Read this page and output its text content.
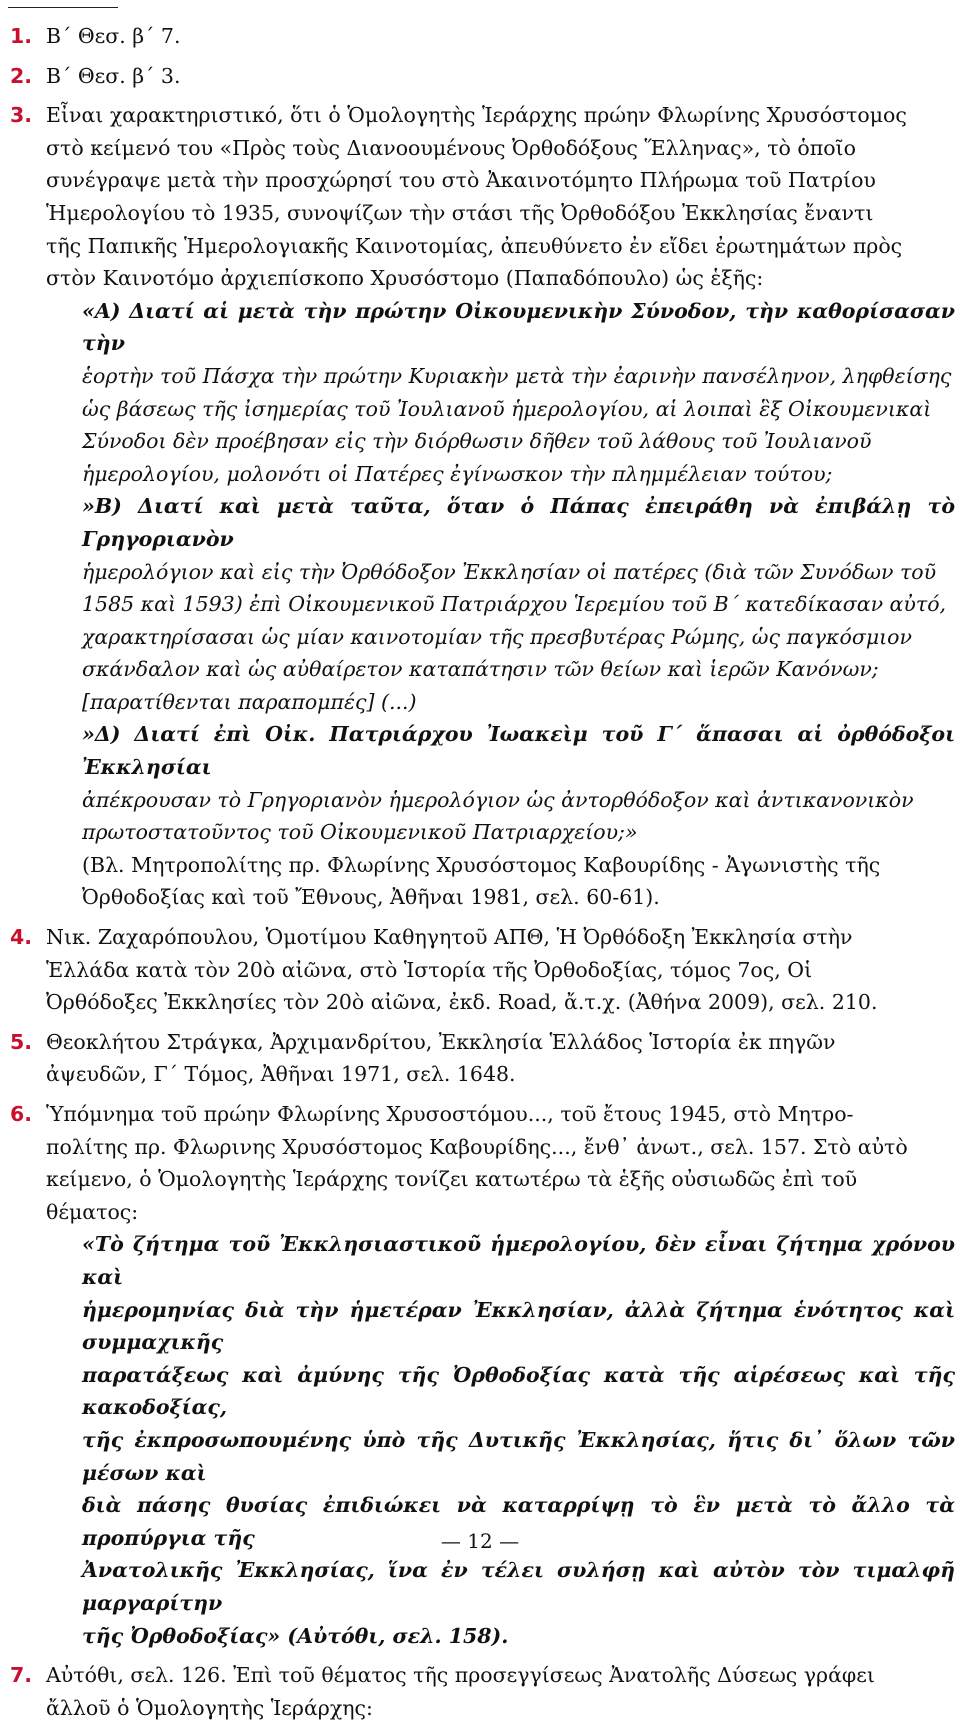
1. Β΄ Θεσ. β΄ 7.
2. Β΄ Θεσ. β΄ 3.
3. Εἶναι χαρακτηριστικό, ὅτι ὁ Ὁμολογητὴς Ἱεράρχης πρώην Φλωρίνης Χρυσόστομος
στὸ κείμενό του «Πρὸς τοὺς Διανοουμένους Ὀρθοδόξους Ἕλληνας», τὸ ὁποῖο
συνέγραψε μετὰ τὴν προσχώρησί του στὸ Ἀκαινοτόμητο Πλήρωμα τοῦ Πατρίου
Ἡμερολογίου τὸ 1935, συνοψίζων τὴν στάσι τῆς Ὀρθοδόξου Ἐκκλησίας ἔναντι
τῆς Παπικῆς Ἡμερολογιακῆς Καινοτομίας, ἀπευθύνετο ἐν εἴδει ἐρωτημάτων πρὸς
στὸν Καινοτόμο ἀρχιεπίσκοπο Χρυσόστομο (Παπαδόπουλο) ὡς ἑξῆς:
«Α) Διατί αἱ μετὰ τὴν πρώτην Οἰκουμενικὴν Σύνοδον, τὴν καθορίσασαν τὴν
ἑορτὴν τοῦ Πάσχα τὴν πρώτην Κυριακὴν μετὰ τὴν ἐαρινὴν πανσέληνον, ληφθείσης
ὡς βάσεως τῆς ἰσημερίας τοῦ Ἰουλιανοῦ ἡμερολογίου, αἱ λοιπαὶ ἓξ Οἰκουμενικαὶ
Σύνοδοι δὲν προέβησαν εἰς τὴν διόρθωσιν δῆθεν τοῦ λάθους τοῦ Ἰουλιανοῦ
ἡμερολογίου, μολονότι οἱ Πατέρες ἐγίνωσκον τὴν πλημμέλειαν τούτου;
»Β) Διατί καὶ μετὰ ταῦτα, ὅταν ὁ Πάπας ἐπειράθη νὰ ἐπιβάλῃ τὸ Γρηγοριανὸν
ἡμερολόγιον καὶ εἰς τὴν Ὀρθόδοξον Ἐκκλησίαν οἱ πατέρες (διὰ τῶν Συνόδων τοῦ
1585 καὶ 1593) ἐπὶ Οἰκουμενικοῦ Πατριάρχου Ἱερεμίου τοῦ Β΄ κατεδίκασαν αὐτό,
χαρακτηρίσασαι ὡς μίαν καινοτομίαν τῆς πρεσβυτέρας Ρώμης, ὡς παγκόσμιον
σκάνδαλον καὶ ὡς αὐθαίρετον καταπάτησιν τῶν θείων καὶ ἱερῶν Κανόνων;
[παρατίθενται παραπομπές] (...)
»Δ) Διατί ἐπὶ Οἰκ. Πατριάρχου Ἰωακεὶμ τοῦ Γ΄ ἅπασαι αἱ ὀρθόδοξοι Ἐκκλησίαι
ἀπέκρουσαν τὸ Γρηγοριανὸν ἡμερολόγιον ὡς ἀντορθόδοξον καὶ ἀντικανονικὸν
πρωτοστατοῦντος τοῦ Οἰκουμενικοῦ Πατριαρχείου;»
(Βλ. Μητροπολίτης πρ. Φλωρίνης Χρυσόστομος Καβουρίδης - Ἀγωνιστὴς τῆς
Ὀρθοδοξίας καὶ τοῦ Ἔθνους, Ἀθῆναι 1981, σελ. 60-61).
4. Νικ. Ζαχαρόπουλου, Ὁμοτίμου Καθηγητοῦ ΑΠΘ, Ἡ Ὀρθόδοξη Ἐκκλησία στὴν
Ἑλλάδα κατὰ τὸν 20ὸ αἰῶνα, στὸ Ἱστορία τῆς Ὀρθοδοξίας, τόμος 7ος, Οἱ
Ὀρθόδοξες Ἐκκλησίες τὸν 20ὸ αἰῶνα, ἐκδ. Road, ἄ.τ.χ. (Ἀθήνα 2009), σελ. 210.
5. Θεοκλήτου Στράγκα, Ἀρχιμανδρίτου, Ἐκκλησία Ἑλλάδος Ἱστορία ἐκ πηγῶν
ἀψευδῶν, Γ΄ Τόμος, Ἀθῆναι 1971, σελ. 1648.
6. Ὑπόμνημα τοῦ πρώην Φλωρίνης Χρυσοστόμου..., τοῦ ἔτους 1945, στὸ Μητρο-
πολίτης πρ. Φλωρινης Χρυσόστομος Καβουρίδης..., ἔνθ᾽ ἀνωτ., σελ. 157. Στὸ αὐτὸ
κείμενο, ὁ Ὁμολογητὴς Ἱεράρχης τονίζει κατωτέρω τὰ ἑξῆς οὐσιωδῶς ἐπὶ τοῦ
θέματος:
«Τὸ ζήτημα τοῦ Ἐκκλησιαστικοῦ ἡμερολογίου, δὲν εἶναι ζήτημα χρόνου καὶ
ἡμερομηνίας διὰ τὴν ἡμετέραν Ἐκκλησίαν, ἀλλὰ ζήτημα ἑνότητος καὶ συμμαχικῆς
παρατάξεως καὶ ἀμύνης τῆς Ὀρθοδοξίας κατὰ τῆς αἱρέσεως καὶ τῆς κακοδοξίας,
τῆς ἐκπροσωπουμένης ὑπὸ τῆς Δυτικῆς Ἐκκλησίας, ἥτις δι᾽ ὅλων τῶν μέσων καὶ
διὰ πάσης θυσίας ἐπιδιώκει νὰ καταρρίψῃ τὸ ἓν μετὰ τὸ ἄλλο τὰ προπύργια τῆς
Ἀνατολικῆς Ἐκκλησίας, ἵνα ἐν τέλει συλήσῃ καὶ αὐτὸν τὸν τιμαλφῆ μαργαρίτην
τῆς Ὀρθοδοξίας» (Αὐτόθι, σελ. 158).
7. Αὐτόθι, σελ. 126. Ἐπὶ τοῦ θέματος τῆς προσεγγίσεως Ἀνατολῆς Δύσεως γράφει
ἄλλοῦ ὁ Ὁμολογητὴς Ἱεράρχης:
— 12 —
